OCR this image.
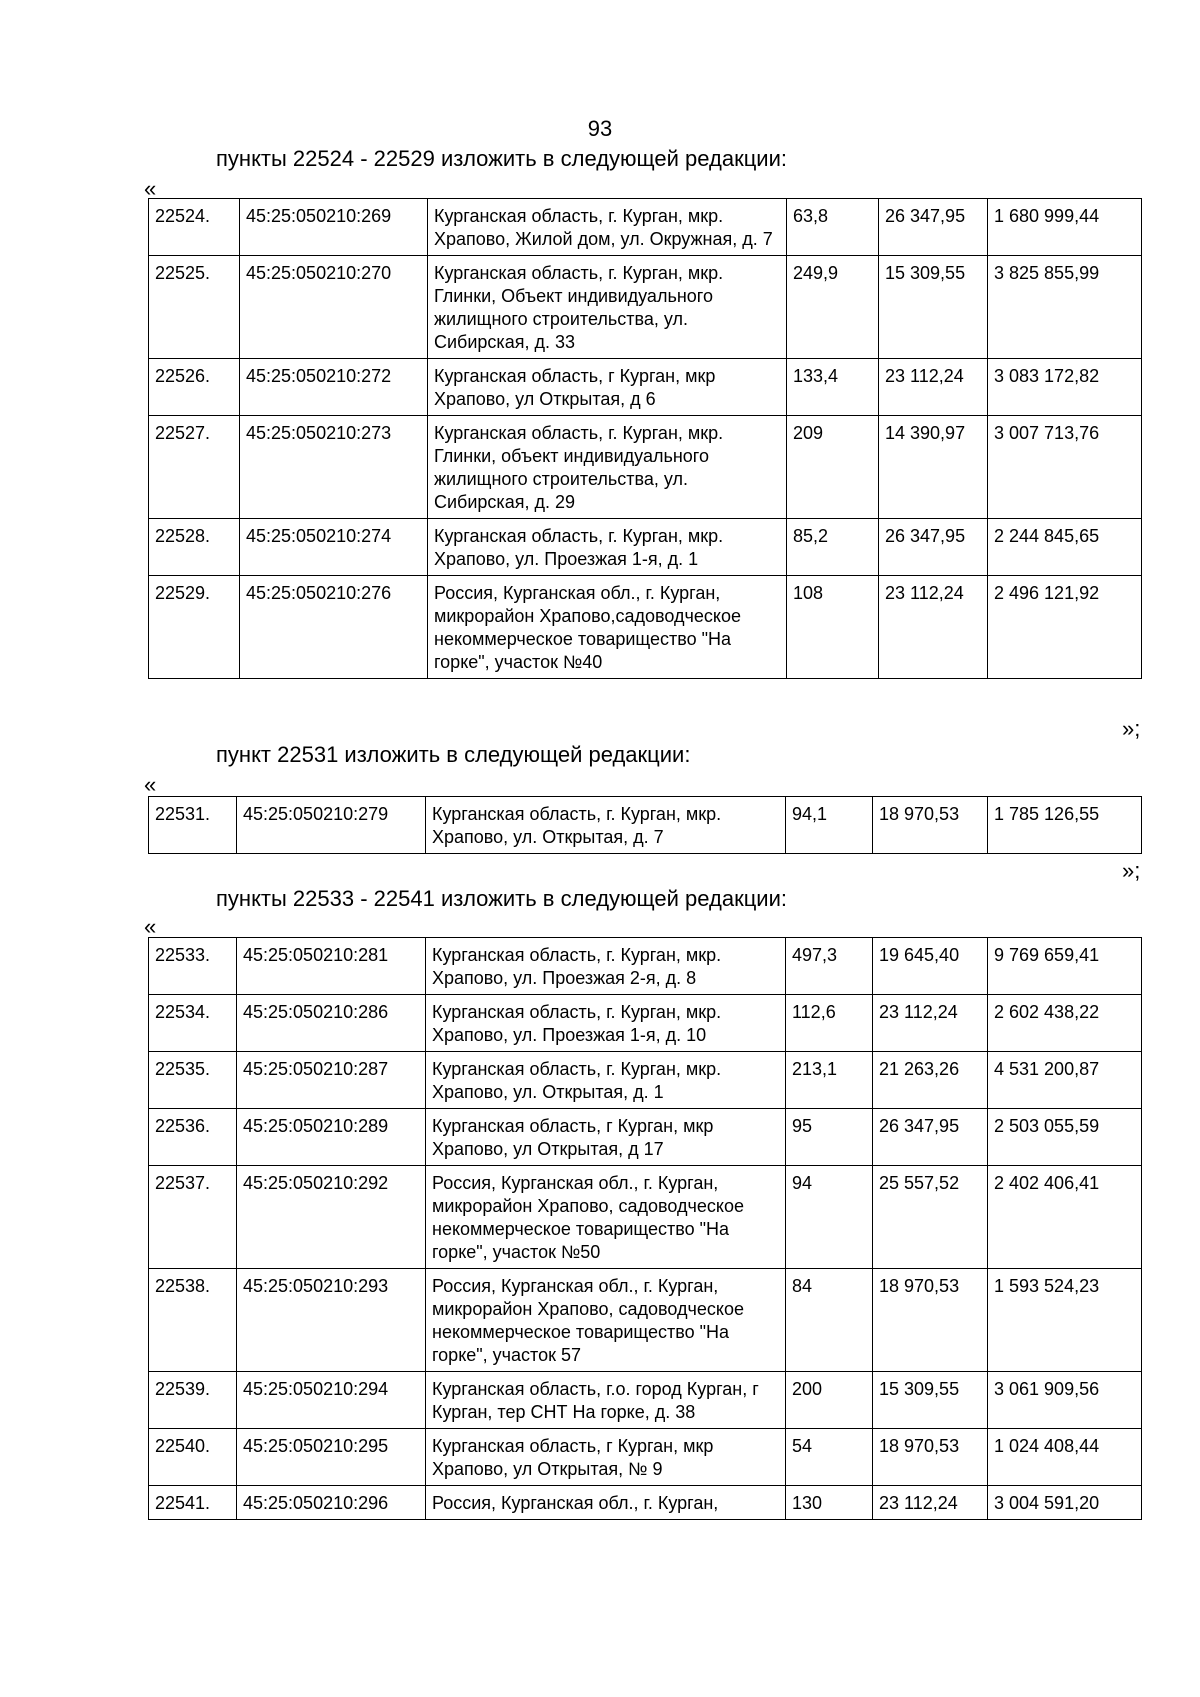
93
пункты 22524 - 22529 изложить в следующей редакции:
«
22524.	45:25:050210:269	Курганская область, г. Курган, мкр. Храпово, Жилой дом, ул. Окружная, д. 7	63,8	26 347,95	1 680 999,44
22525.	45:25:050210:270	Курганская область, г. Курган, мкр. Глинки, Объект индивидуального жилищного строительства, ул. Сибирская, д. 33	249,9	15 309,55	3 825 855,99
22526.	45:25:050210:272	Курганская область, г Курган, мкр Храпово, ул Открытая, д 6	133,4	23 112,24	3 083 172,82
22527.	45:25:050210:273	Курганская область, г. Курган, мкр. Глинки, объект индивидуального жилищного строительства, ул. Сибирская, д. 29	209	14 390,97	3 007 713,76
22528.	45:25:050210:274	Курганская область, г. Курган, мкр. Храпово, ул. Проезжая 1-я, д. 1	85,2	26 347,95	2 244 845,65
22529.	45:25:050210:276	Россия, Курганская обл., г. Курган, микрорайон Храпово,садоводческое некоммерческое товарищество "На горке", участок №40	108	23 112,24	2 496 121,92
»;
пункт 22531 изложить в следующей редакции:
«
22531.	45:25:050210:279	Курганская область, г. Курган, мкр. Храпово, ул. Открытая, д. 7	94,1	18 970,53	1 785 126,55
»;
пункты 22533 - 22541 изложить в следующей редакции:
«
22533.	45:25:050210:281	Курганская область, г. Курган, мкр. Храпово, ул. Проезжая 2-я, д. 8	497,3	19 645,40	9 769 659,41
22534.	45:25:050210:286	Курганская область, г. Курган, мкр. Храпово, ул. Проезжая 1-я, д. 10	112,6	23 112,24	2 602 438,22
22535.	45:25:050210:287	Курганская область, г. Курган, мкр. Храпово, ул. Открытая, д. 1	213,1	21 263,26	4 531 200,87
22536.	45:25:050210:289	Курганская область, г Курган, мкр Храпово, ул Открытая, д 17	95	26 347,95	2 503 055,59
22537.	45:25:050210:292	Россия, Курганская обл., г. Курган, микрорайон Храпово, садоводческое некоммерческое товарищество "На горке", участок №50	94	25 557,52	2 402 406,41
22538.	45:25:050210:293	Россия, Курганская обл., г. Курган, микрорайон Храпово, садоводческое некоммерческое товарищество "На горке", участок 57	84	18 970,53	1 593 524,23
22539.	45:25:050210:294	Курганская область, г.о. город Курган, г Курган, тер СНТ На горке, д. 38	200	15 309,55	3 061 909,56
22540.	45:25:050210:295	Курганская область, г Курган, мкр Храпово, ул Открытая, № 9	54	18 970,53	1 024 408,44
22541.	45:25:050210:296	Россия, Курганская обл., г. Курган,	130	23 112,24	3 004 591,20
